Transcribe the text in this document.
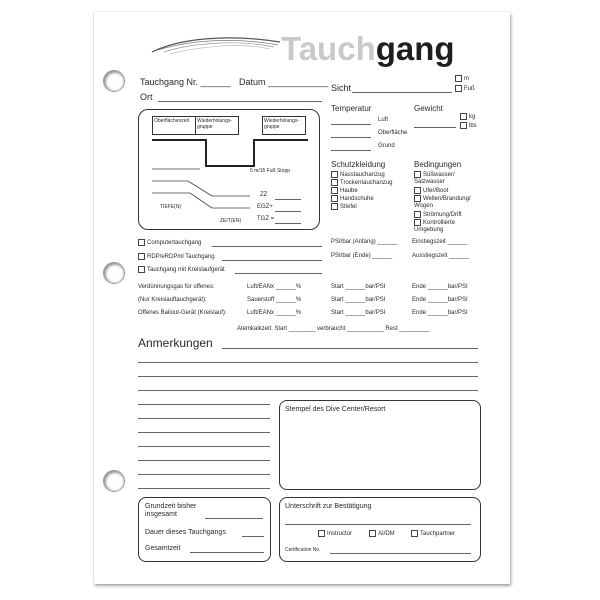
Tauchgang
Tauchgang Nr. ______ Datum ____________
Ort
Sicht
m
Fuß
Oberflächenzeit	Wiederholungs-
gruppe
Wiederholungs-
gruppe
5 m/15 Fuß Stopp
ZZ
EGZ+
TGZ =
TIEFE(N)
ZEIT(EN)
Temperatur
Luft
Oberfläche
Grund
Gewicht
kg
lbs
Schutzkleidung
Nasstauchanzug
Trockentauchanzug
Haube
Handschuhe
Stiefel
Bedingungen
Süßwasser/
Salzwasser
Ufer/Boot
Wellen/Brandung/
Wogen
Strömung/Drift
Kontrollierte
Umgebung
Computertauchgang
RDP/eRDPml Tauchgang
Tauchgang mit Kreislaufgerät
PSI/bar (Anfang) ______
PSI/bar (Ende) ______
Einstiegszeit ______
Ausstiegszeit ______
Verdünnungsgas für offenes:	Luft/EANx ______%	Start ______bar/PSI	Ende ______bar/PSI
(Nur Kreislauftauchgerät):	Sauerstoff ______%	Start ______bar/PSI	Ende ______bar/PSI
Offenes Bailout-Gerät (Kreislauf):	Luft/EANx ______%	Start ______bar/PSI	Ende ______bar/PSI
Atemkalkzeit: Start ________ verbraucht ___________ Rest _________
Anmerkungen
Stempel des Dive Center/Resort
Grundzeit bisher
insgesamt
Dauer dieses Tauchgangs
Gesamtzeit
Unterschrift zur Bestätigung
Instructor	AI/DM	Tauchpartner
Certification No.
